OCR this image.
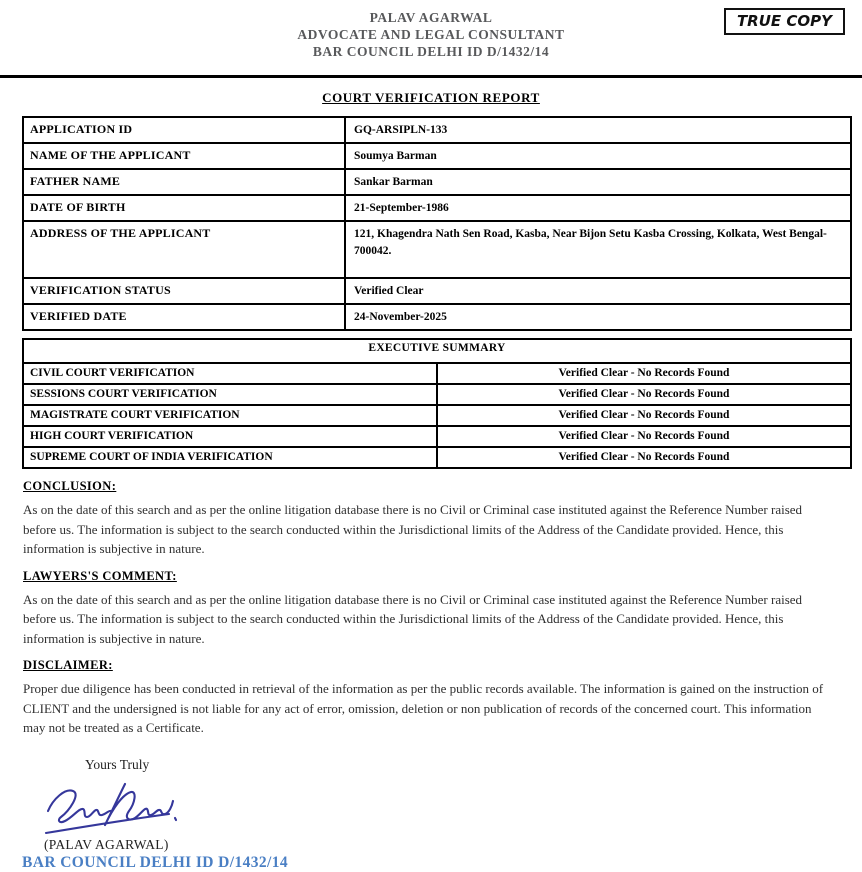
PALAV AGARWAL
ADVOCATE AND LEGAL CONSULTANT
BAR COUNCIL DELHI ID D/1432/14
TRUE COPY
COURT VERIFICATION REPORT
APPLICATION ID	GQ-ARSIPLN-133
NAME OF THE APPLICANT	Soumya Barman
FATHER NAME	Sankar Barman
DATE OF BIRTH	21-September-1986
ADDRESS OF THE APPLICANT	121, Khagendra Nath Sen Road, Kasba, Near Bijon Setu Kasba Crossing, Kolkata, West Bengal-700042.
VERIFICATION STATUS	Verified Clear
VERIFIED DATE	24-November-2025
EXECUTIVE SUMMARY	
CIVIL COURT VERIFICATION	Verified Clear - No Records Found
SESSIONS COURT VERIFICATION	Verified Clear - No Records Found
MAGISTRATE COURT VERIFICATION	Verified Clear - No Records Found
HIGH COURT VERIFICATION	Verified Clear - No Records Found
SUPREME COURT OF INDIA VERIFICATION	Verified Clear - No Records Found
CONCLUSION:
As on the date of this search and as per the online litigation database there is no Civil or Criminal case instituted against the Reference Number raised before us. The information is subject to the search conducted within the Jurisdictional limits of the Address of the Candidate provided. Hence, this information is subjective in nature.
LAWYERS'S COMMENT:
As on the date of this search and as per the online litigation database there is no Civil or Criminal case instituted against the Reference Number raised before us. The information is subject to the search conducted within the Jurisdictional limits of the Address of the Candidate provided. Hence, this information is subjective in nature.
DISCLAIMER:
Proper due diligence has been conducted in retrieval of the information as per the public records available. The information is gained on the instruction of CLIENT and the undersigned is not liable for any act of error, omission, deletion or non publication of records of the concerned court. This information may not be treated as a Certificate.
Yours Truly
(PALAV AGARWAL)
BAR COUNCIL DELHI ID D/1432/14
